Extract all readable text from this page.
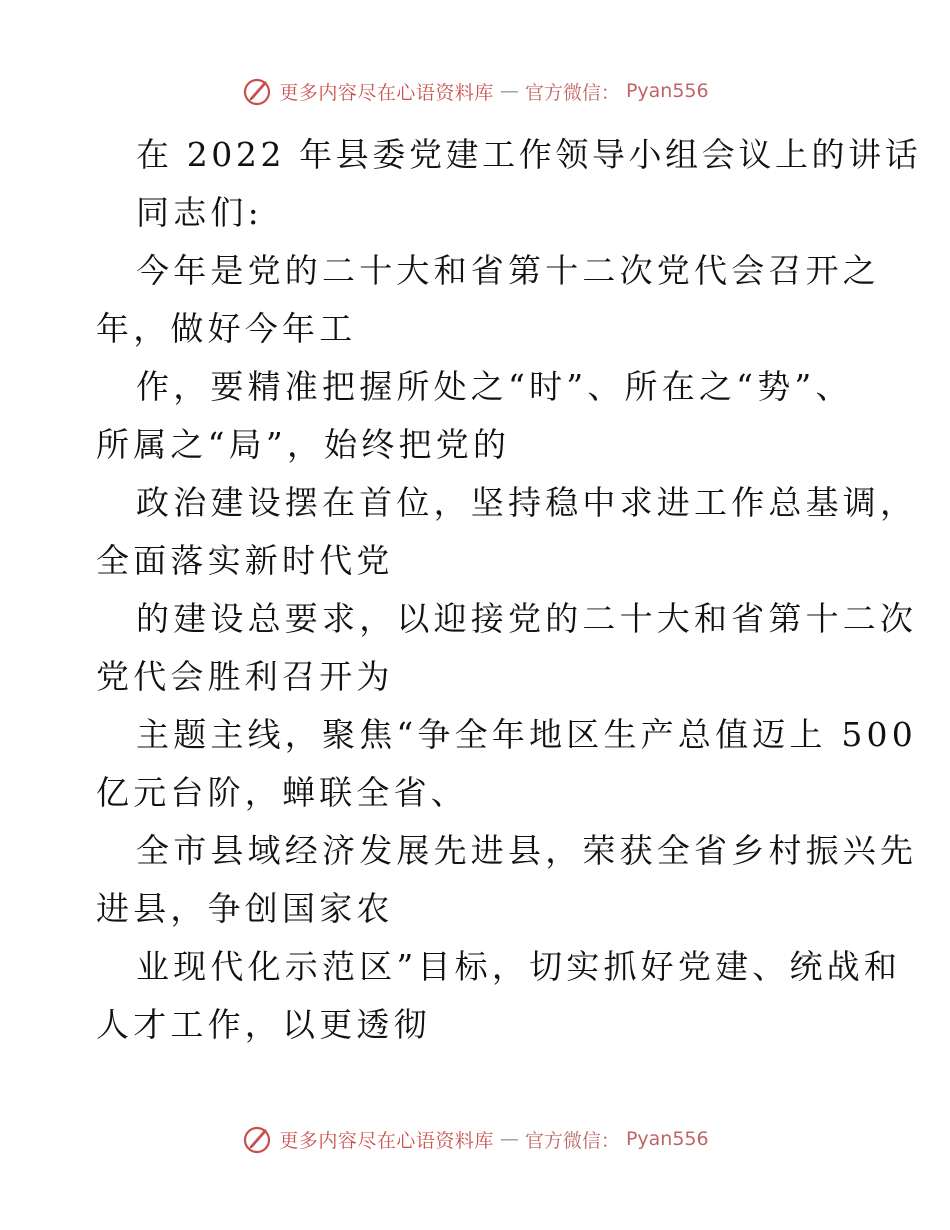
更多内容尽在心语资料库 — 官方微信： Pyan556
在 2022 年县委党建工作领导小组会议上的讲话
同志们:
今年是党的二十大和省第十二次党代会召开之
年，做好今年工
作，要精准把握所处之“时”、所在之“势”、
所属之“局”，始终把党的
政治建设摆在首位，坚持稳中求进工作总基调，
全面落实新时代党
的建设总要求，以迎接党的二十大和省第十二次
党代会胜利召开为
主题主线，聚焦“争全年地区生产总值迈上 500
亿元台阶，蝉联全省、
全市县域经济发展先进县，荣获全省乡村振兴先
进县，争创国家农
业现代化示范区”目标，切实抓好党建、统战和
人才工作，以更透彻
更多内容尽在心语资料库 — 官方微信： Pyan556
